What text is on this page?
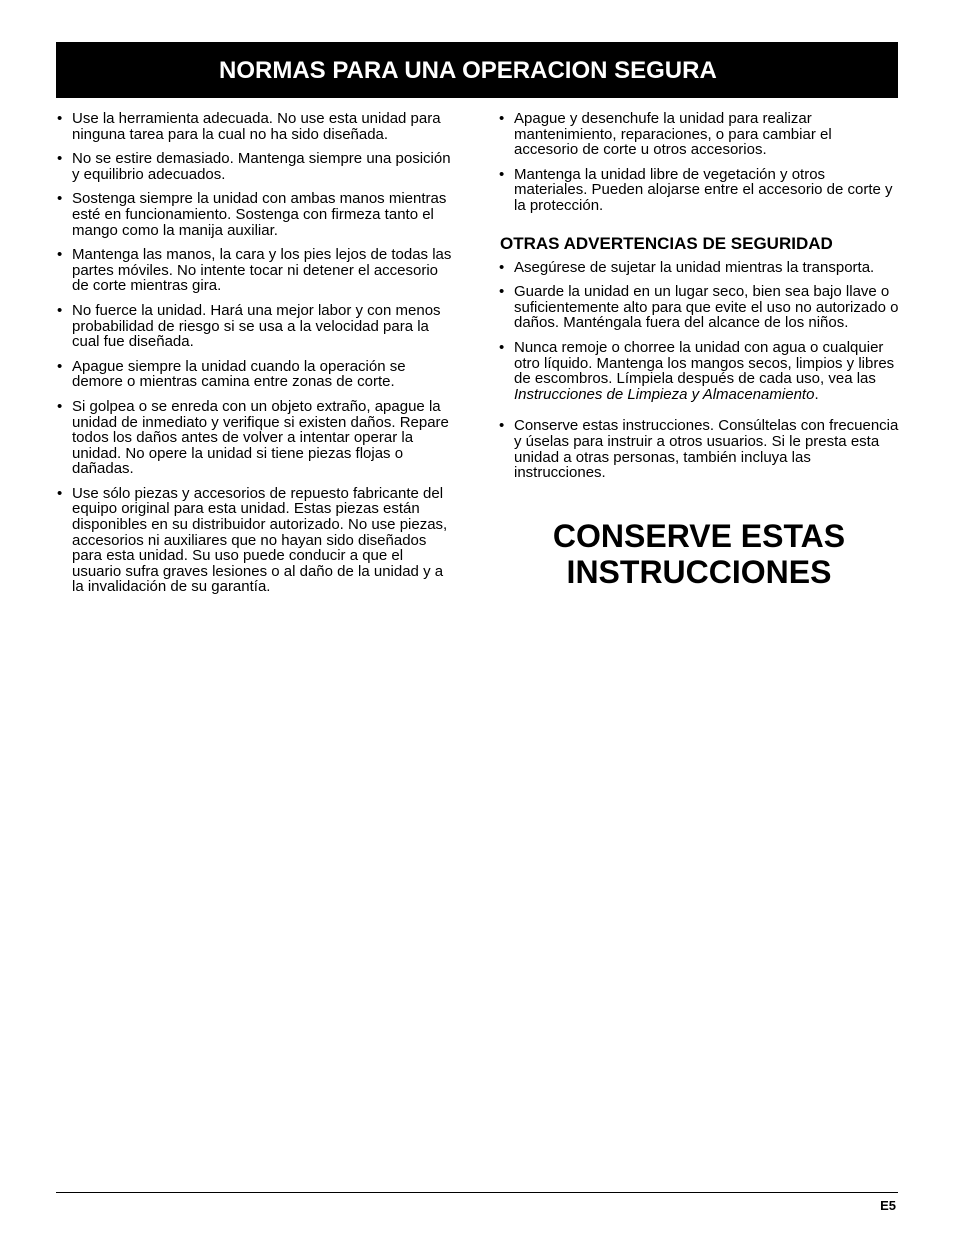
NORMAS PARA UNA OPERACION SEGURA
• Use la herramienta adecuada. No use esta unidad para ninguna tarea para la cual no ha sido diseñada.
• No se estire demasiado. Mantenga siempre una posición y equilibrio adecuados.
• Sostenga siempre la unidad con ambas manos mientras esté en funcionamiento. Sostenga con firmeza tanto el mango como la manija auxiliar.
• Mantenga las manos, la cara y los pies lejos de todas las partes móviles. No intente tocar ni detener el accesorio de corte mientras gira.
• No fuerce la unidad. Hará una mejor labor y con menos probabilidad de riesgo si se usa a la velocidad para la cual fue diseñada.
• Apague siempre la unidad cuando la operación se demore o mientras camina entre zonas de corte.
• Si golpea o se enreda con un objeto extraño, apague la unidad de inmediato y verifique si existen daños. Repare todos los daños antes de volver a intentar operar la unidad. No opere la unidad si tiene piezas flojas o dañadas.
• Use sólo piezas y accesorios de repuesto fabricante del equipo original para esta unidad. Estas piezas están disponibles en su distribuidor autorizado. No use piezas, accesorios ni auxiliares que no hayan sido diseñados para esta unidad. Su uso puede conducir a que el usuario sufra graves lesiones o al daño de la unidad y a la invalidación de su garantía.
• Apague y desenchufe la unidad para realizar mantenimiento, reparaciones, o para cambiar el accesorio de corte u otros accesorios.
• Mantenga la unidad libre de vegetación y otros materiales. Pueden alojarse entre el accesorio de corte y la protección.
OTRAS ADVERTENCIAS DE SEGURIDAD
• Asegúrese de sujetar la unidad mientras la transporta.
• Guarde la unidad en un lugar seco, bien sea bajo llave o suficientemente alto para que evite el uso no autorizado o daños. Manténgala fuera del alcance de los niños.
• Nunca remoje o chorree la unidad con agua o cualquier otro líquido. Mantenga los mangos secos, limpios y libres de escombros. Límpiela después de cada uso, vea las Instrucciones de Limpieza y Almacenamiento.
• Conserve estas instrucciones. Consúltelas con frecuencia y úselas para instruir a otros usuarios. Si le presta esta unidad a otras personas, también incluya las instrucciones.
CONSERVE ESTAS
INSTRUCCIONES
E5
